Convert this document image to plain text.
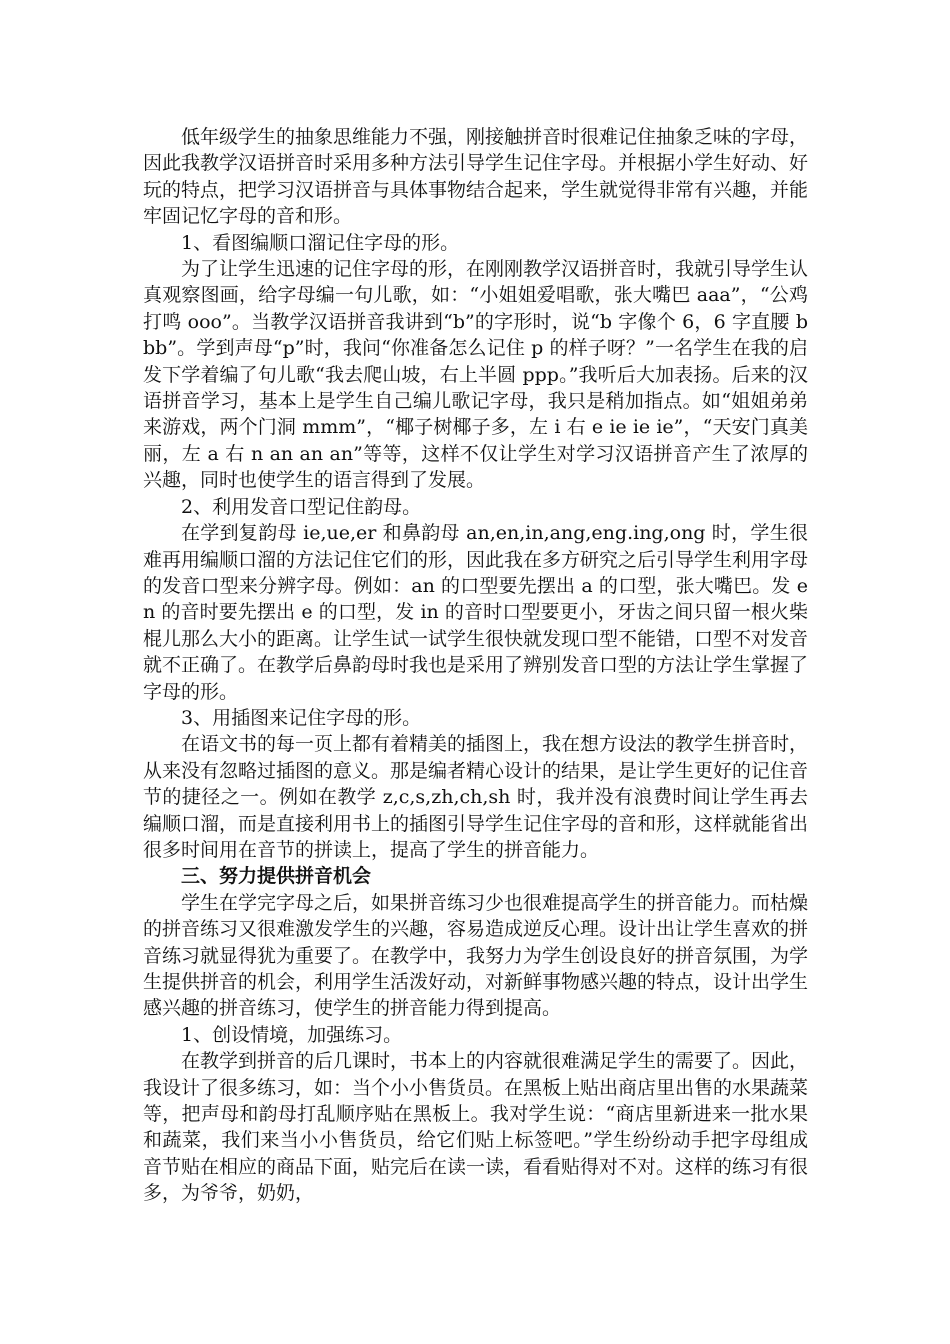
低年级学生的抽象思维能力不强，刚接触拼音时很难记住抽象乏味的字母，因此我教学汉语拼音时采用多种方法引导学生记住字母。并根据小学生好动、好玩的特点，把学习汉语拼音与具体事物结合起来，学生就觉得非常有兴趣，并能牢固记忆字母的音和形。

1、看图编顺口溜记住字母的形。

为了让学生迅速的记住字母的形，在刚刚教学汉语拼音时，我就引导学生认真观察图画，给字母编一句儿歌，如：“小姐姐爱唱歌，张大嘴巴 aaa”，“公鸡打鸣 ooo”。当教学汉语拼音我讲到“b”的字形时，说“b 字像个 6，6 字直腰 bbb”。学到声母“p”时，我问“你准备怎么记住 p 的样子呀？”一名学生在我的启发下学着编了句儿歌“我去爬山坡，右上半圆 ppp。”我听后大加表扬。后来的汉语拼音学习，基本上是学生自己编儿歌记字母，我只是稍加指点。如“姐姐弟弟来游戏，两个门洞 mmm”，“椰子树椰子多，左 i 右 e ie ie ie”，“天安门真美丽，左 a 右 n an an an”等等，这样不仅让学生对学习汉语拼音产生了浓厚的兴趣，同时也使学生的语言得到了发展。

2、利用发音口型记住韵母。

在学到复韵母 ie,ue,er 和鼻韵母 an,en,in,ang,eng.ing,ong 时，学生很难再用编顺口溜的方法记住它们的形，因此我在多方研究之后引导学生利用字母的发音口型来分辨字母。例如：an 的口型要先摆出 a 的口型，张大嘴巴。发 en 的音时要先摆出 e 的口型，发 in 的音时口型要更小，牙齿之间只留一根火柴棍儿那么大小的距离。让学生试一试学生很快就发现口型不能错，口型不对发音就不正确了。在教学后鼻韵母时我也是采用了辨别发音口型的方法让学生掌握了字母的形。

3、用插图来记住字母的形。

在语文书的每一页上都有着精美的插图上，我在想方设法的教学生拼音时，从来没有忽略过插图的意义。那是编者精心设计的结果，是让学生更好的记住音节的捷径之一。例如在教学 z,c,s,zh,ch,sh 时，我并没有浪费时间让学生再去编顺口溜，而是直接利用书上的插图引导学生记住字母的音和形，这样就能省出很多时间用在音节的拼读上，提高了学生的拼音能力。

三、努力提供拼音机会

学生在学完字母之后，如果拼音练习少也很难提高学生的拼音能力。而枯燥的拼音练习又很难激发学生的兴趣，容易造成逆反心理。设计出让学生喜欢的拼音练习就显得犹为重要了。在教学中，我努力为学生创设良好的拼音氛围，为学生提供拼音的机会，利用学生活泼好动，对新鲜事物感兴趣的特点，设计出学生感兴趣的拼音练习，使学生的拼音能力得到提高。

1、创设情境，加强练习。

在教学到拼音的后几课时，书本上的内容就很难满足学生的需要了。因此，我设计了很多练习，如：当个小小售货员。在黑板上贴出商店里出售的水果蔬菜等，把声母和韵母打乱顺序贴在黑板上。我对学生说：“商店里新进来一批水果和蔬菜，我们来当小小售货员，给它们贴上标签吧。”学生纷纷动手把字母组成音节贴在相应的商品下面，贴完后在读一读，看看贴得对不对。这样的练习有很多，为爷爷，奶奶，
